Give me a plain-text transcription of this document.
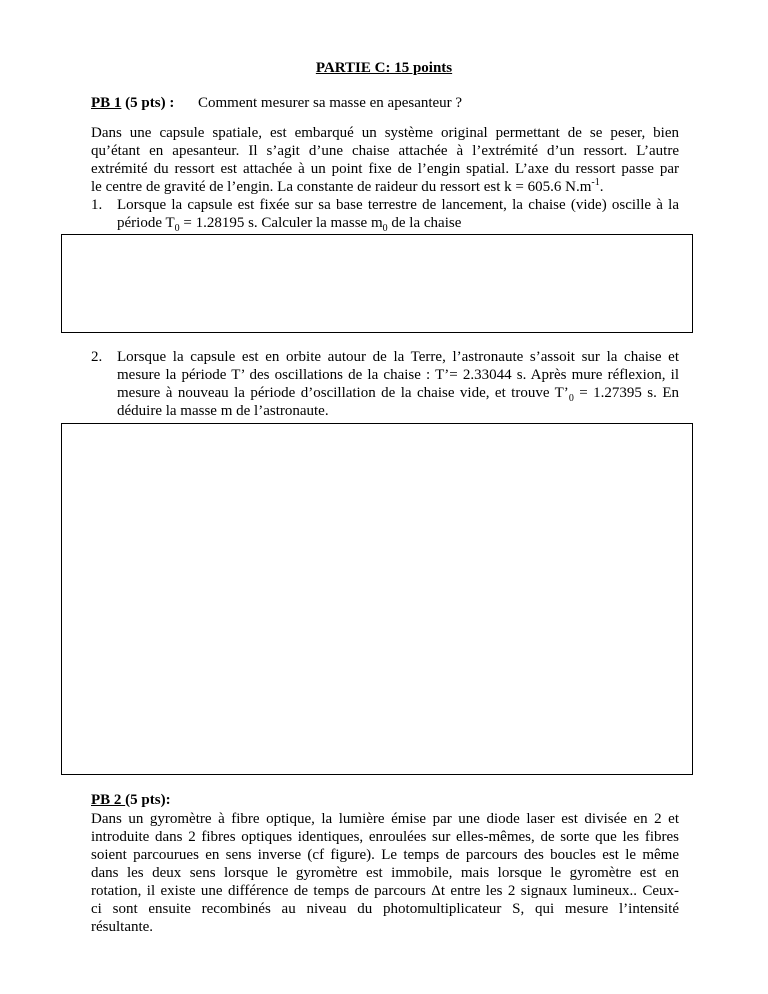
PARTIE C: 15 points
PB 1 (5 pts) : Comment mesurer sa masse en apesanteur ?

Dans une capsule spatiale, est embarqué un système original permettant de se peser, bien

qu’étant en apesanteur. Il s’agit d’une chaise attachée à l’extrémité d’un ressort. L’autre

extrémité du ressort est attachée à un point fixe de l’engin spatial. L’axe du ressort passe par

le centre de gravité de l’engin. La constante de raideur du ressort est k = 605.6 $N.m^{-1}$.

1. Lorsque la capsule est fixée sur sa base terrestre de lancement, la chaise (vide) oscille à la

période $T_0 = 1.28195$ s. Calculer la masse $m_0$ de la chaise

2. Lorsque la capsule est en orbite autour de la Terre, l’astronaute s’assoit sur la chaise et

mesure la période T’ des oscillations de la chaise : T’= 2.33044 s. Après mure réflexion, il

mesure à nouveau la période d’oscillation de la chaise vide, et trouve $T’_0 = 1.27395$ s. En

déduire la masse m de l’astronaute.

PB 2 (5 pts):

Dans un gyromètre à fibre optique, la lumière émise par une diode laser est divisée en 2 et

introduite dans 2 fibres optiques identiques, enroulées sur elles-mêmes, de sorte que les fibres

soient parcourues en sens inverse (cf figure). Le temps de parcours des boucles est le même

dans les deux sens lorsque le gyromètre est immobile, mais lorsque le gyromètre est en

rotation, il existe une différence de temps de parcours Δt entre les 2 signaux lumineux.. Ceux-

ci sont ensuite recombinés au niveau du photomultiplicateur S, qui mesure l’intensité

résultante.
